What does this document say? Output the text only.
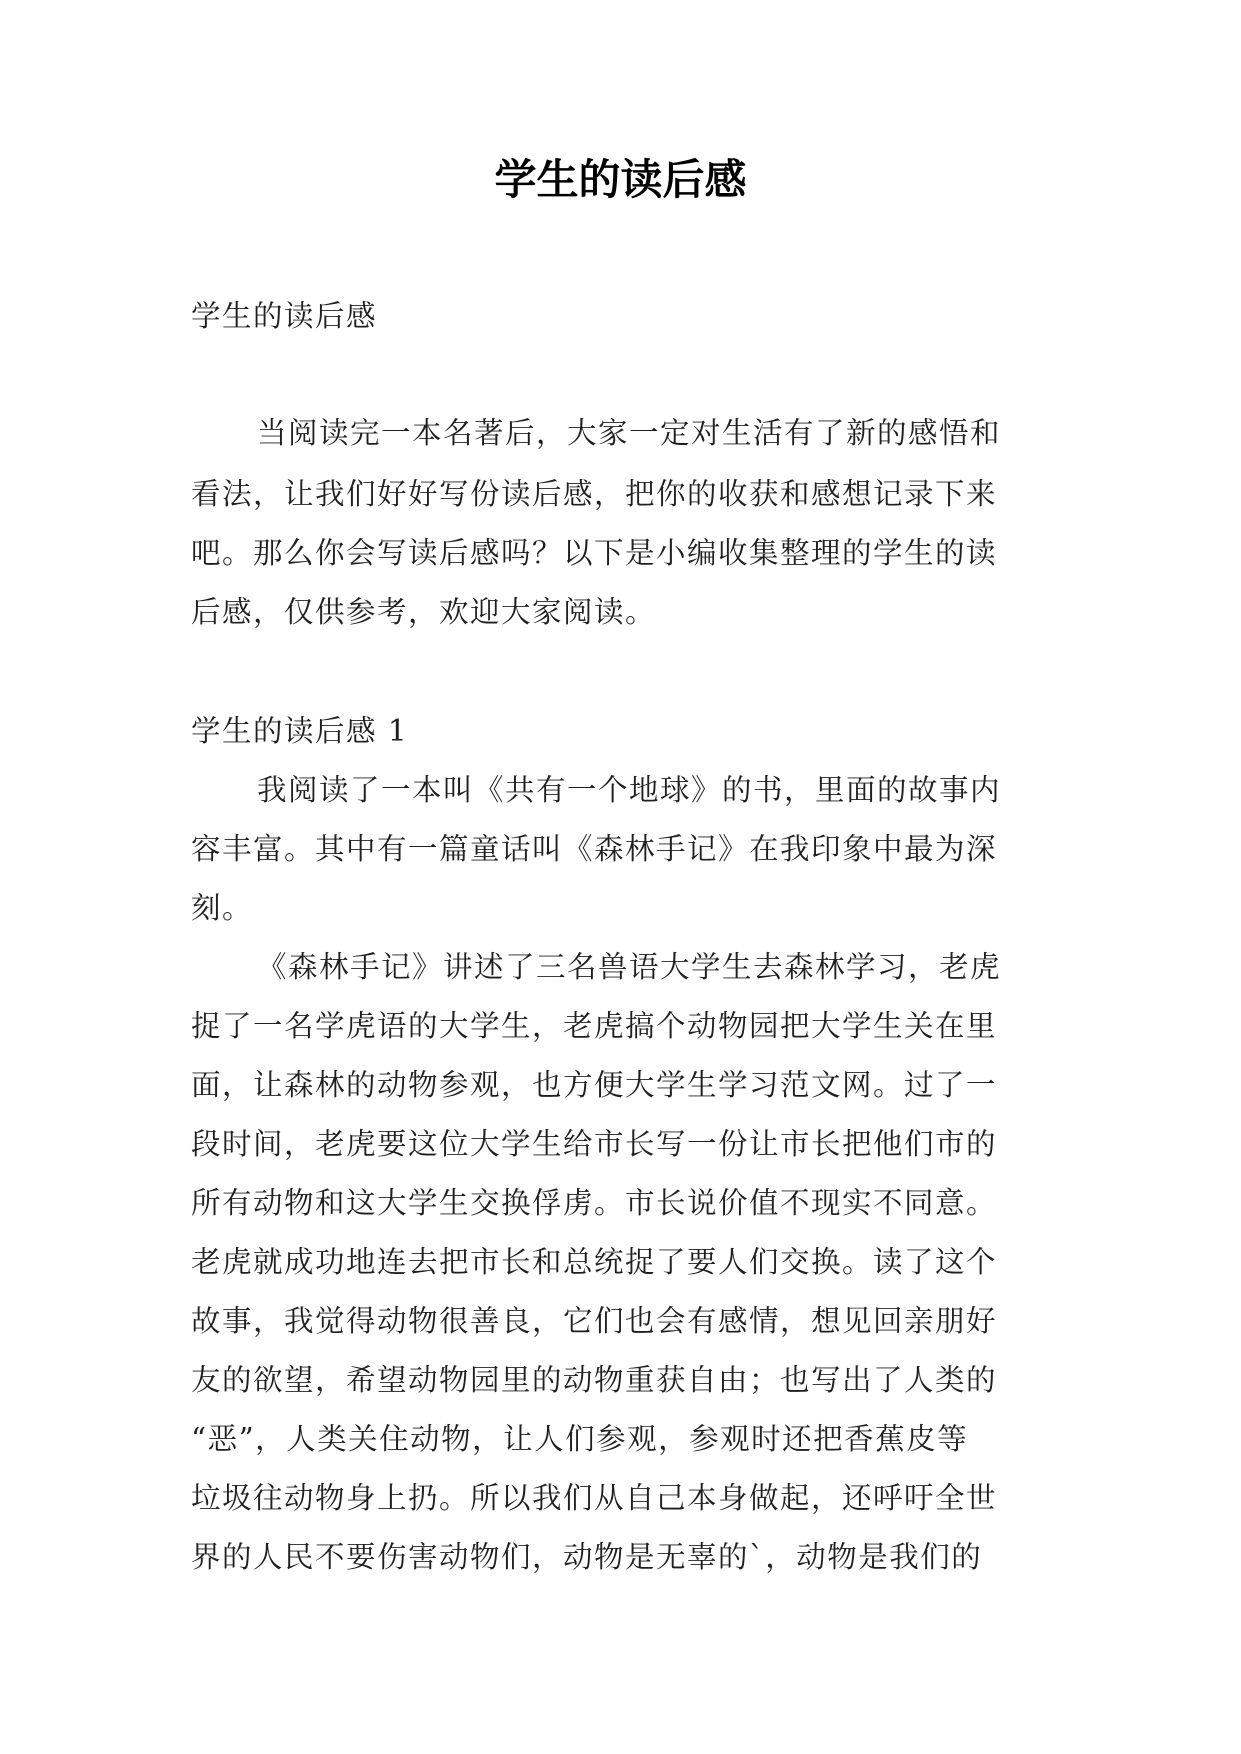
学生的读后感
学生的读后感
当阅读完一本名著后，大家一定对生活有了新的感悟和
看法，让我们好好写份读后感，把你的收获和感想记录下来
吧。那么你会写读后感吗？以下是小编收集整理的学生的读
后感，仅供参考，欢迎大家阅读。
学生的读后感 1
我阅读了一本叫《共有一个地球》的书，里面的故事内
容丰富。其中有一篇童话叫《森林手记》在我印象中最为深
刻。
《森林手记》讲述了三名兽语大学生去森林学习，老虎
捉了一名学虎语的大学生，老虎搞个动物园把大学生关在里
面，让森林的动物参观，也方便大学生学习范文网。过了一
段时间，老虎要这位大学生给市长写一份让市长把他们市的
所有动物和这大学生交换俘虏。市长说价值不现实不同意。
老虎就成功地连去把市长和总统捉了要人们交换。读了这个
故事，我觉得动物很善良，它们也会有感情，想见回亲朋好
友的欲望，希望动物园里的动物重获自由；也写出了人类的
“恶”，人类关住动物，让人们参观，参观时还把香蕉皮等
垃圾往动物身上扔。所以我们从自己本身做起，还呼吁全世
界的人民不要伤害动物们，动物是无辜的`，动物是我们的
